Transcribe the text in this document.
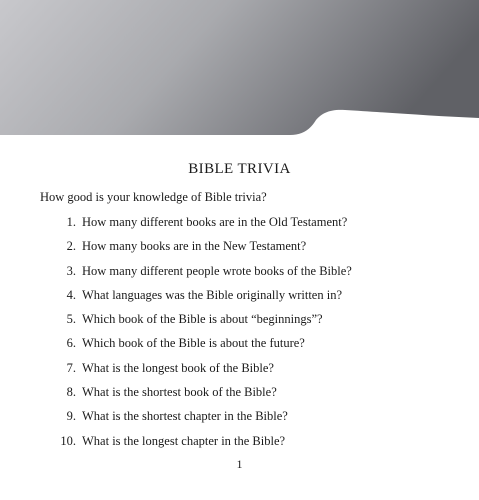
BIBLE TRIVIA
How good is your knowledge of Bible trivia?
1. How many different books are in the Old Testament?
2. How many books are in the New Testament?
3. How many different people wrote books of the Bible?
4. What languages was the Bible originally written in?
5. Which book of the Bible is about “beginnings”?
6. Which book of the Bible is about the future?
7. What is the longest book of the Bible?
8. What is the shortest book of the Bible?
9. What is the shortest chapter in the Bible?
10. What is the longest chapter in the Bible?
1
